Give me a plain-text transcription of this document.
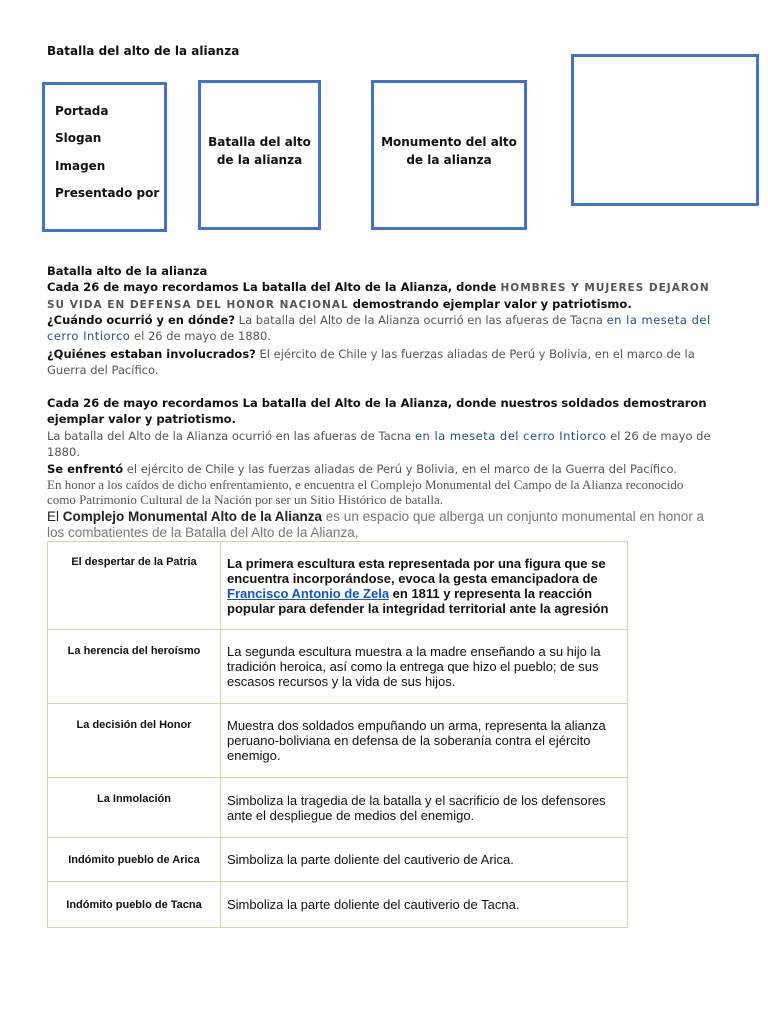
Batalla del alto de la alianza
Portada
Slogan
Imagen
Presentado por
Batalla del alto de la alianza
Monumento del alto de la alianza
Batalla alto de la alianza
Cada 26 de mayo recordamos La batalla del Alto de la Alianza, donde HOMBRES Y MUJERES DEJARON SU VIDA EN DEFENSA DEL HONOR NACIONAL demostrando ejemplar valor y patriotismo.
¿Cuándo ocurrió y en dónde? La batalla del Alto de la Alianza ocurrió en las afueras de Tacna en la meseta del cerro Intiorco el 26 de mayo de 1880.
¿Quiénes estaban involucrados? El ejército de Chile y las fuerzas aliadas de Perú y Bolivia, en el marco de la Guerra del Pacífico.
Cada 26 de mayo recordamos La batalla del Alto de la Alianza, donde nuestros soldados demostraron ejemplar valor y patriotismo.
La batalla del Alto de la Alianza ocurrió en las afueras de Tacna en la meseta del cerro Intiorco el 26 de mayo de 1880.
Se enfrentó el ejército de Chile y las fuerzas aliadas de Perú y Bolivia, en el marco de la Guerra del Pacífico.
En honor a los caídos de dicho enfrentamiento, e encuentra el Complejo Monumental del Campo de la Alianza reconocido como Patrimonio Cultural de la Nación por ser un Sitio Histórico de batalla.
El Complejo Monumental Alto de la Alianza es un espacio que alberga un conjunto monumental en honor a los combatientes de la Batalla del Alto de la Alianza,
El despertar de la Patria	La primera escultura esta representada por una figura que se encuentra incorporándose, evoca la gesta emancipadora de Francisco Antonio de Zela en 1811 y representa la reacción popular para defender la integridad territorial ante la agresión
La herencia del heroísmo	La segunda escultura muestra a la madre enseñando a su hijo la tradición heroica, así como la entrega que hizo el pueblo; de sus escasos recursos y la vida de sus hijos.
La decisión del Honor	Muestra dos soldados empuñando un arma, representa la alianza peruano-boliviana en defensa de la soberanía contra el ejército enemigo.
La Inmolación	Simboliza la tragedia de la batalla y el sacrificio de los defensores ante el despliegue de medios del enemigo.
Indómito pueblo de Arica	Simboliza la parte doliente del cautiverio de Arica.
Indómito pueblo de Tacna	Simboliza la parte doliente del cautiverio de Tacna.
